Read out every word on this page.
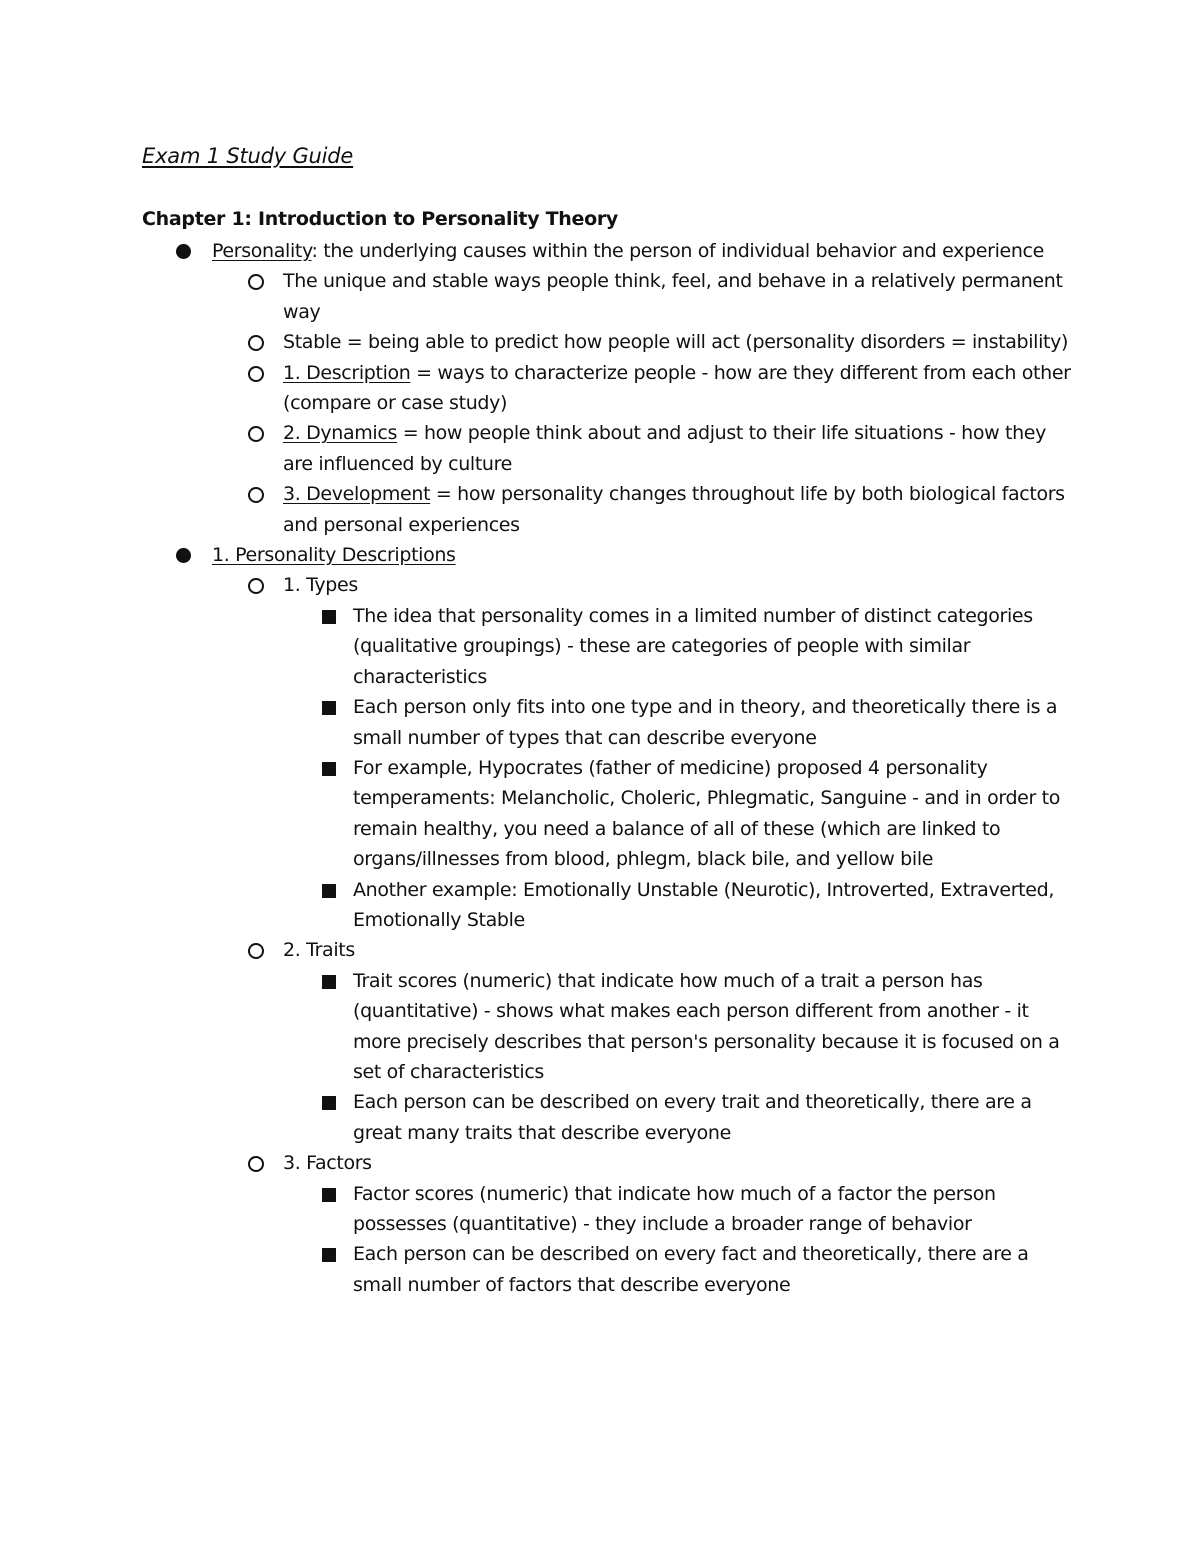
Exam 1 Study Guide
Chapter 1: Introduction to Personality Theory
Personality: the underlying causes within the person of individual behavior and experience
The unique and stable ways people think, feel, and behave in a relatively permanent way
Stable = being able to predict how people will act (personality disorders = instability)
1. Description = ways to characterize people - how are they different from each other (compare or case study)
2. Dynamics = how people think about and adjust to their life situations - how they are influenced by culture
3. Development = how personality changes throughout life by both biological factors and personal experiences
1. Personality Descriptions
1. Types
The idea that personality comes in a limited number of distinct categories (qualitative groupings) - these are categories of people with similar characteristics
Each person only fits into one type and in theory, and theoretically there is a small number of types that can describe everyone
For example, Hypocrates (father of medicine) proposed 4 personality temperaments: Melancholic, Choleric, Phlegmatic, Sanguine - and in order to remain healthy, you need a balance of all of these (which are linked to organs/illnesses from blood, phlegm, black bile, and yellow bile
Another example: Emotionally Unstable (Neurotic), Introverted, Extraverted, Emotionally Stable
2. Traits
Trait scores (numeric) that indicate how much of a trait a person has (quantitative) - shows what makes each person different from another - it more precisely describes that person's personality because it is focused on a set of characteristics
Each person can be described on every trait and theoretically, there are a great many traits that describe everyone
3. Factors
Factor scores (numeric) that indicate how much of a factor the person possesses (quantitative) - they include a broader range of behavior
Each person can be described on every fact and theoretically, there are a small number of factors that describe everyone
